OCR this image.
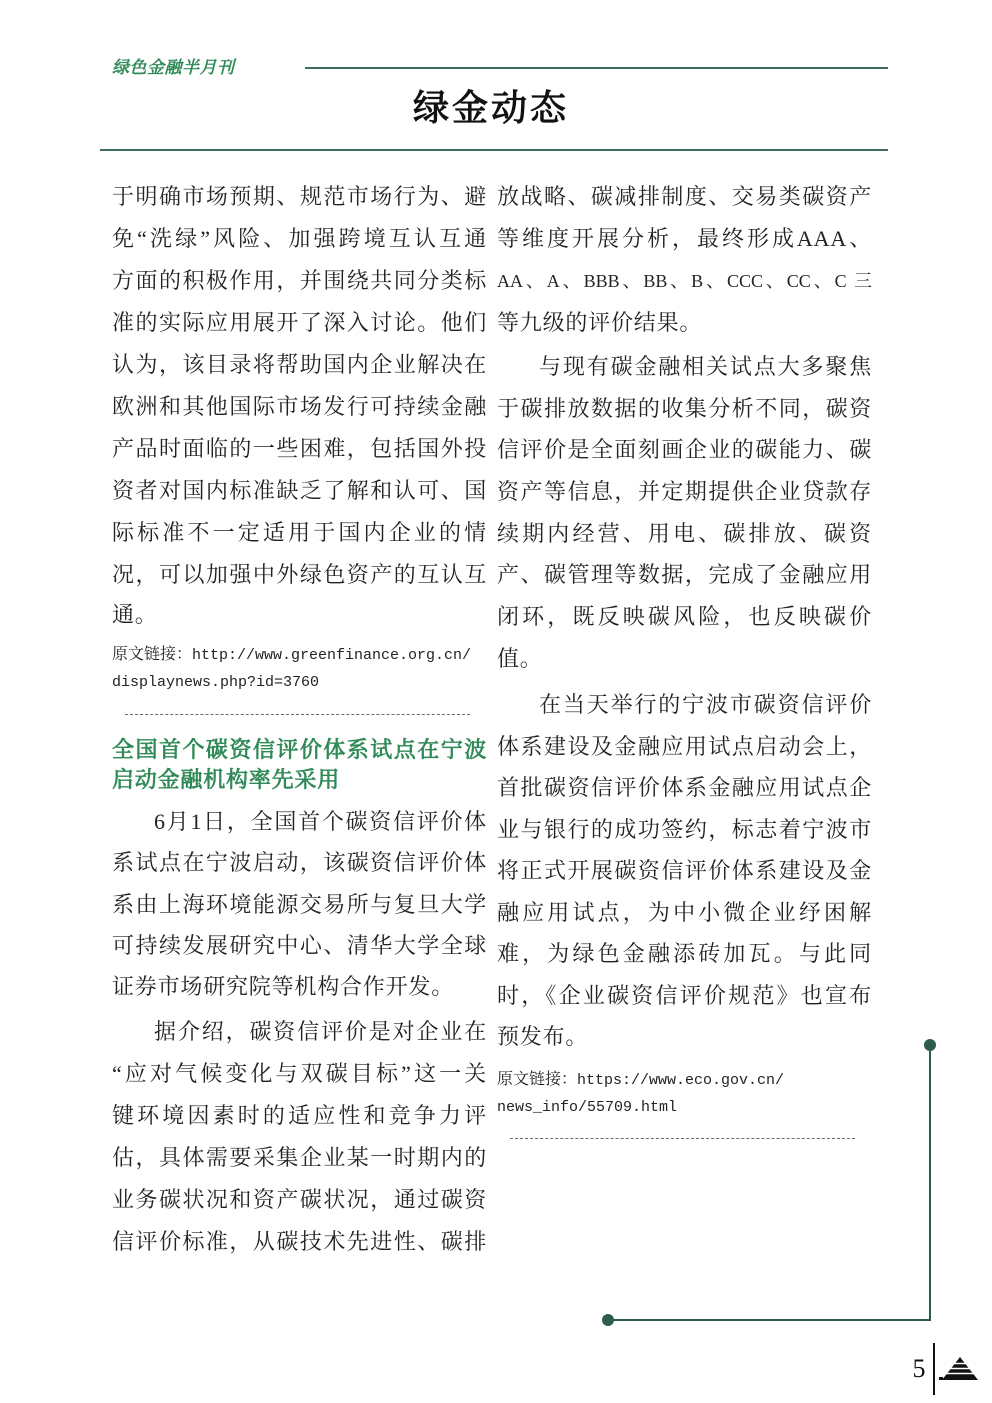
绿色金融半月刊
绿金动态
于明确市场预期、规范市场行为、避
免“洗绿”风险、加强跨境互认互通
方面的积极作用，并围绕共同分类标
准的实际应用展开了深入讨论。他们
认为，该目录将帮助国内企业解决在
欧洲和其他国际市场发行可持续金融
产品时面临的一些困难，包括国外投
资者对国内标准缺乏了解和认可、国
际标准不一定适用于国内企业的情
况，可以加强中外绿色资产的互认互
通。
原文链接：http://www.greenfinance.org.cn/
displaynews.php?id=3760
全国首个碳资信评价体系试点在宁波
启动金融机构率先采用
6月1日，全国首个碳资信评价体
系试点在宁波启动，该碳资信评价体
系由上海环境能源交易所与复旦大学
可持续发展研究中心、清华大学全球
证券市场研究院等机构合作开发。
据介绍，碳资信评价是对企业在
“应对气候变化与双碳目标”这一关
键环境因素时的适应性和竞争力评
估，具体需要采集企业某一时期内的
业务碳状况和资产碳状况，通过碳资
信评价标准，从碳技术先进性、碳排
放战略、碳减排制度、交易类碳资产
等维度开展分析，最终形成AAA、
AA、A、BBB、BB、B、CCC、CC、C 三
等九级的评价结果。
与现有碳金融相关试点大多聚焦
于碳排放数据的收集分析不同，碳资
信评价是全面刻画企业的碳能力、碳
资产等信息，并定期提供企业贷款存
续期内经营、用电、碳排放、碳资
产、碳管理等数据，完成了金融应用
闭环，既反映碳风险，也反映碳价
值。
在当天举行的宁波市碳资信评价
体系建设及金融应用试点启动会上，
首批碳资信评价体系金融应用试点企
业与银行的成功签约，标志着宁波市
将正式开展碳资信评价体系建设及金
融应用试点，为中小微企业纾困解
难，为绿色金融添砖加瓦。与此同
时，《企业碳资信评价规范》也宣布
预发布。
原文链接：https://www.eco.gov.cn/
news_info/55709.html
5
